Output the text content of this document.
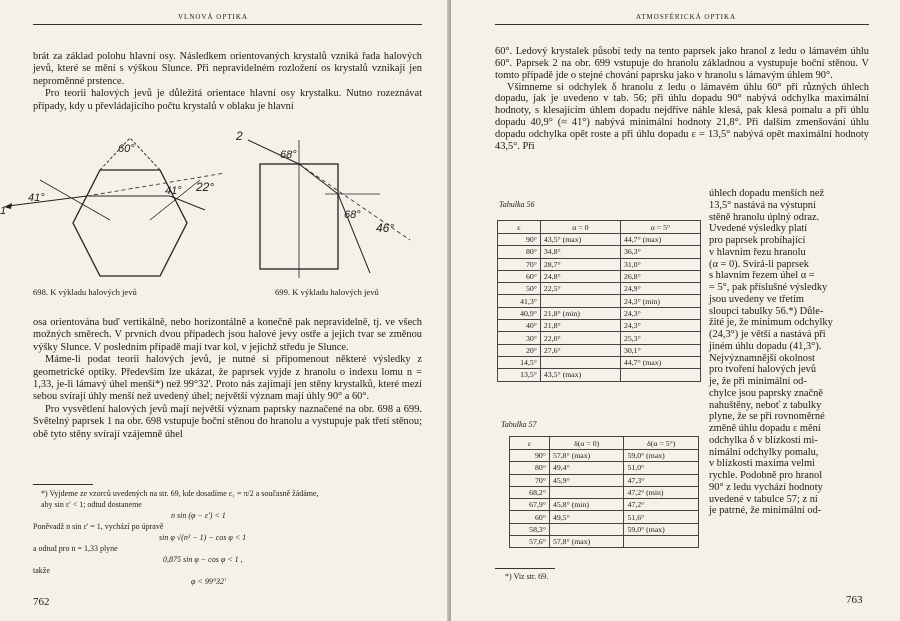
VLNOVÁ OPTIKA

brát za základ polohu hlavní osy. Následkem orientovaných krystalů vzniká řada halových jevů, které se mění s výškou Slunce. Při nepravidelném rozložení os krystalů vznikají jen neproměnné prstence.

Pro teorii halových jevů je důležitá orientace hlavní osy krystalku. Nutno rozeznávat případy, kdy u převládajícího počtu krystalů v oblaku je hlavní

60°
41°
41° 22°
1
2
68°
68°
46°
698. K výkladu halových jevů	699. K výkladu halových jevů

osa orientována buď vertikálně, nebo horizontálně a konečně pak nepravidelně, tj. ve všech možných směrech. V prvních dvou případech jsou halové jevy ostře a jejich tvar se změnou výšky Slunce. V posledním případě mají tvar kol, v jejichž středu je Slunce.

Máme-li podat teorii halových jevů, je nutné si připomenout některé výsledky z geometrické optiky. Především lze ukázat, že paprsek vyjde z hranolu o indexu lomu n = 1,33, je-li lámavý úhel menší*) než 99°32'. Proto nás zajímají jen stěny krystalků, které mezi sebou svírají úhly menší než uvedený úhel; největší význam mají úhly 90° a 60°.

Pro vysvětlení halových jevů mají největší význam paprsky naznačené na obr. 698 a 699. Světelný paprsek 1 na obr. 698 vstupuje boční stěnou do hranolu a vystupuje pak třetí stěnou; obě tyto stěny svírají vzájemně úhel

*) Vyjdeme ze vzorců uvedených na str. 69, kde dosadíme ε₁ = π/2 a současně žádáme,
aby sin ε' < 1; odtud dostaneme
n sin (φ − ε') < 1
Poněvadž n sin ε' = 1, vychází po úpravě
sin φ √(n² − 1) − cos φ < 1
a odtud pro n = 1,33 plyne
0,875 sin φ − cos φ < 1 ,
takže
φ < 99°32'
762
ATMOSFÉRICKÁ OPTIKA

60°. Ledový krystalek působí tedy na tento paprsek jako hranol z ledu o lámavém úhlu 60°. Paprsek 2 na obr. 699 vstupuje do hranolu základnou a vystupuje boční stěnou. V tomto případě jde o stejné chování paprsku jako v hranolu s lámavým úhlem 90°.

Všimneme si odchylek δ hranolu z ledu o lámavém úhlu 60° při různých úhlech dopadu, jak je uvedeno v tab. 56; při úhlu dopadu 90° nabývá odchylka maximální hodnoty, s klesajícím úhlem dopadu nejdříve náhle klesá, pak klesá pomalu a při úhlu dopadu 40,9° (≈ 41°) nabývá minimální hodnoty 21,8°. Při dalším zmenšování úhlu dopadu odchylka opět roste a při úhlu dopadu ε = 13,5° nabývá opět maximální hodnoty 43,5°. Při

úhlech dopadu menších než
13,5° nastává na výstupní
stěně hranolu úplný odraz.
Uvedené výsledky platí
pro paprsek probíhající
v hlavním řezu hranolu
(α = 0). Svírá-li paprsek
s hlavním řezem úhel α =
= 5°, pak příslušné výsledky
jsou uvedeny ve třetím
sloupci tabulky 56.*) Důle-
žité je, že minimum odchylky
(24,3°) je větší a nastává při
jiném úhlu dopadu (41,3°).
Nejvýznamnější okolnost
pro tvoření halových jevů
je, že při minimální od-
chylce jsou paprsky značně
nahuštěny, neboť z tabulky
plyne, že se při rovnoměrné
změně úhlu dopadu ε mění
odchylka δ v blízkosti mi-
nimální odchylky pomalu,
v blízkosti maxima velmi
rychle. Podobně pro hranol
90° z ledu vychází hodnoty
uvedené v tabulce 57; z ní
je patrné, že minimální od-
Tabulka 56
ε	α = 0	α = 5°
90°	43,5° (max)	44,7° (max)
80°	34,8°	36,3°
70°	28,7°	31,0°
60°	24,8°	26,8°
50°	22,5°	24,9°
41,3°		24,3° (min)
40,9°	21,8° (min)	24,3°
40°	21,8°	24,3°
30°	22,0°	25,3°
20°	27,6°	30,1°
14,5°		44,7° (max)
13,5°	43,5° (max)	
Tabulka 57
ε	δ(α = 0)	δ(α = 5°)
90°	57,8° (max)	59,0° (max)
80°	49,4°	51,0°
70°	45,9°	47,3°
68,2°		47,2° (min)
67,9°	45,8° (min)	47,2°
60°	49,5°	51,6°
58,3°		59,0° (max)
57,6°	57,8° (max)	
*) Viz str. 69.
763
